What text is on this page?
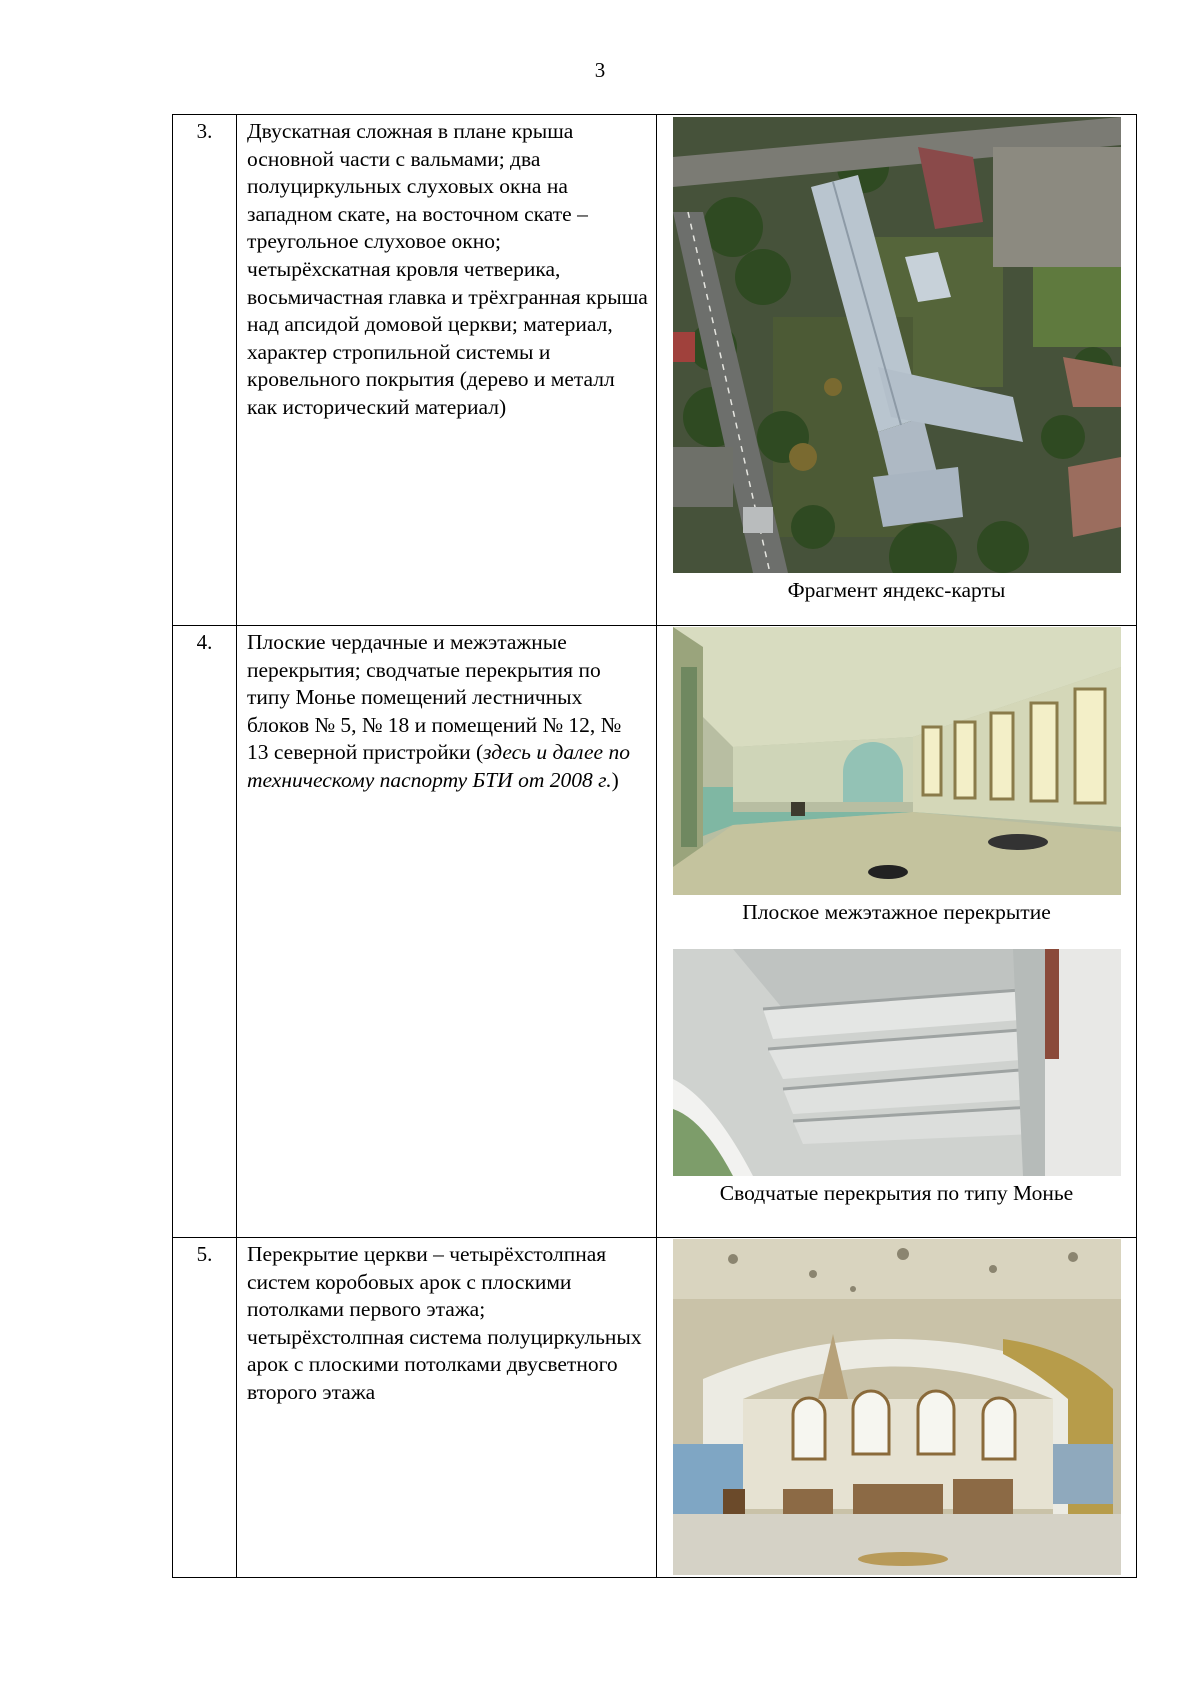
3
3.	Двускатная сложная в плане крыша основной части с вальмами; два полуциркульных слуховых окна на западном скате, на восточном скате – треугольное слуховое окно; четырёхскатная кровля четверика, восьмичастная главка и трёхгранная крыша над апсидой домовой церкви; материал, характер стропильной системы и кровельного покрытия (дерево и металл как исторический материал)	Фрагмент яндекс-карты

4.	Плоские чердачные и межэтажные перекрытия; сводчатые перекрытия по типу Монье помещений лестничных блоков № 5, № 18 и помещений № 12, № 13 северной пристройки (здесь и далее по техническому паспорту БТИ от 2008 г.)	Плоское межэтажное перекрытие
Сводчатые перекрытия по типу Монье

5.	Перекрытие церкви – четырёхстолпная систем коробовых арок с плоскими потолками первого этажа;
четырёхстолпная система полуциркульных арок с плоскими потолками двусветного второго этажа
